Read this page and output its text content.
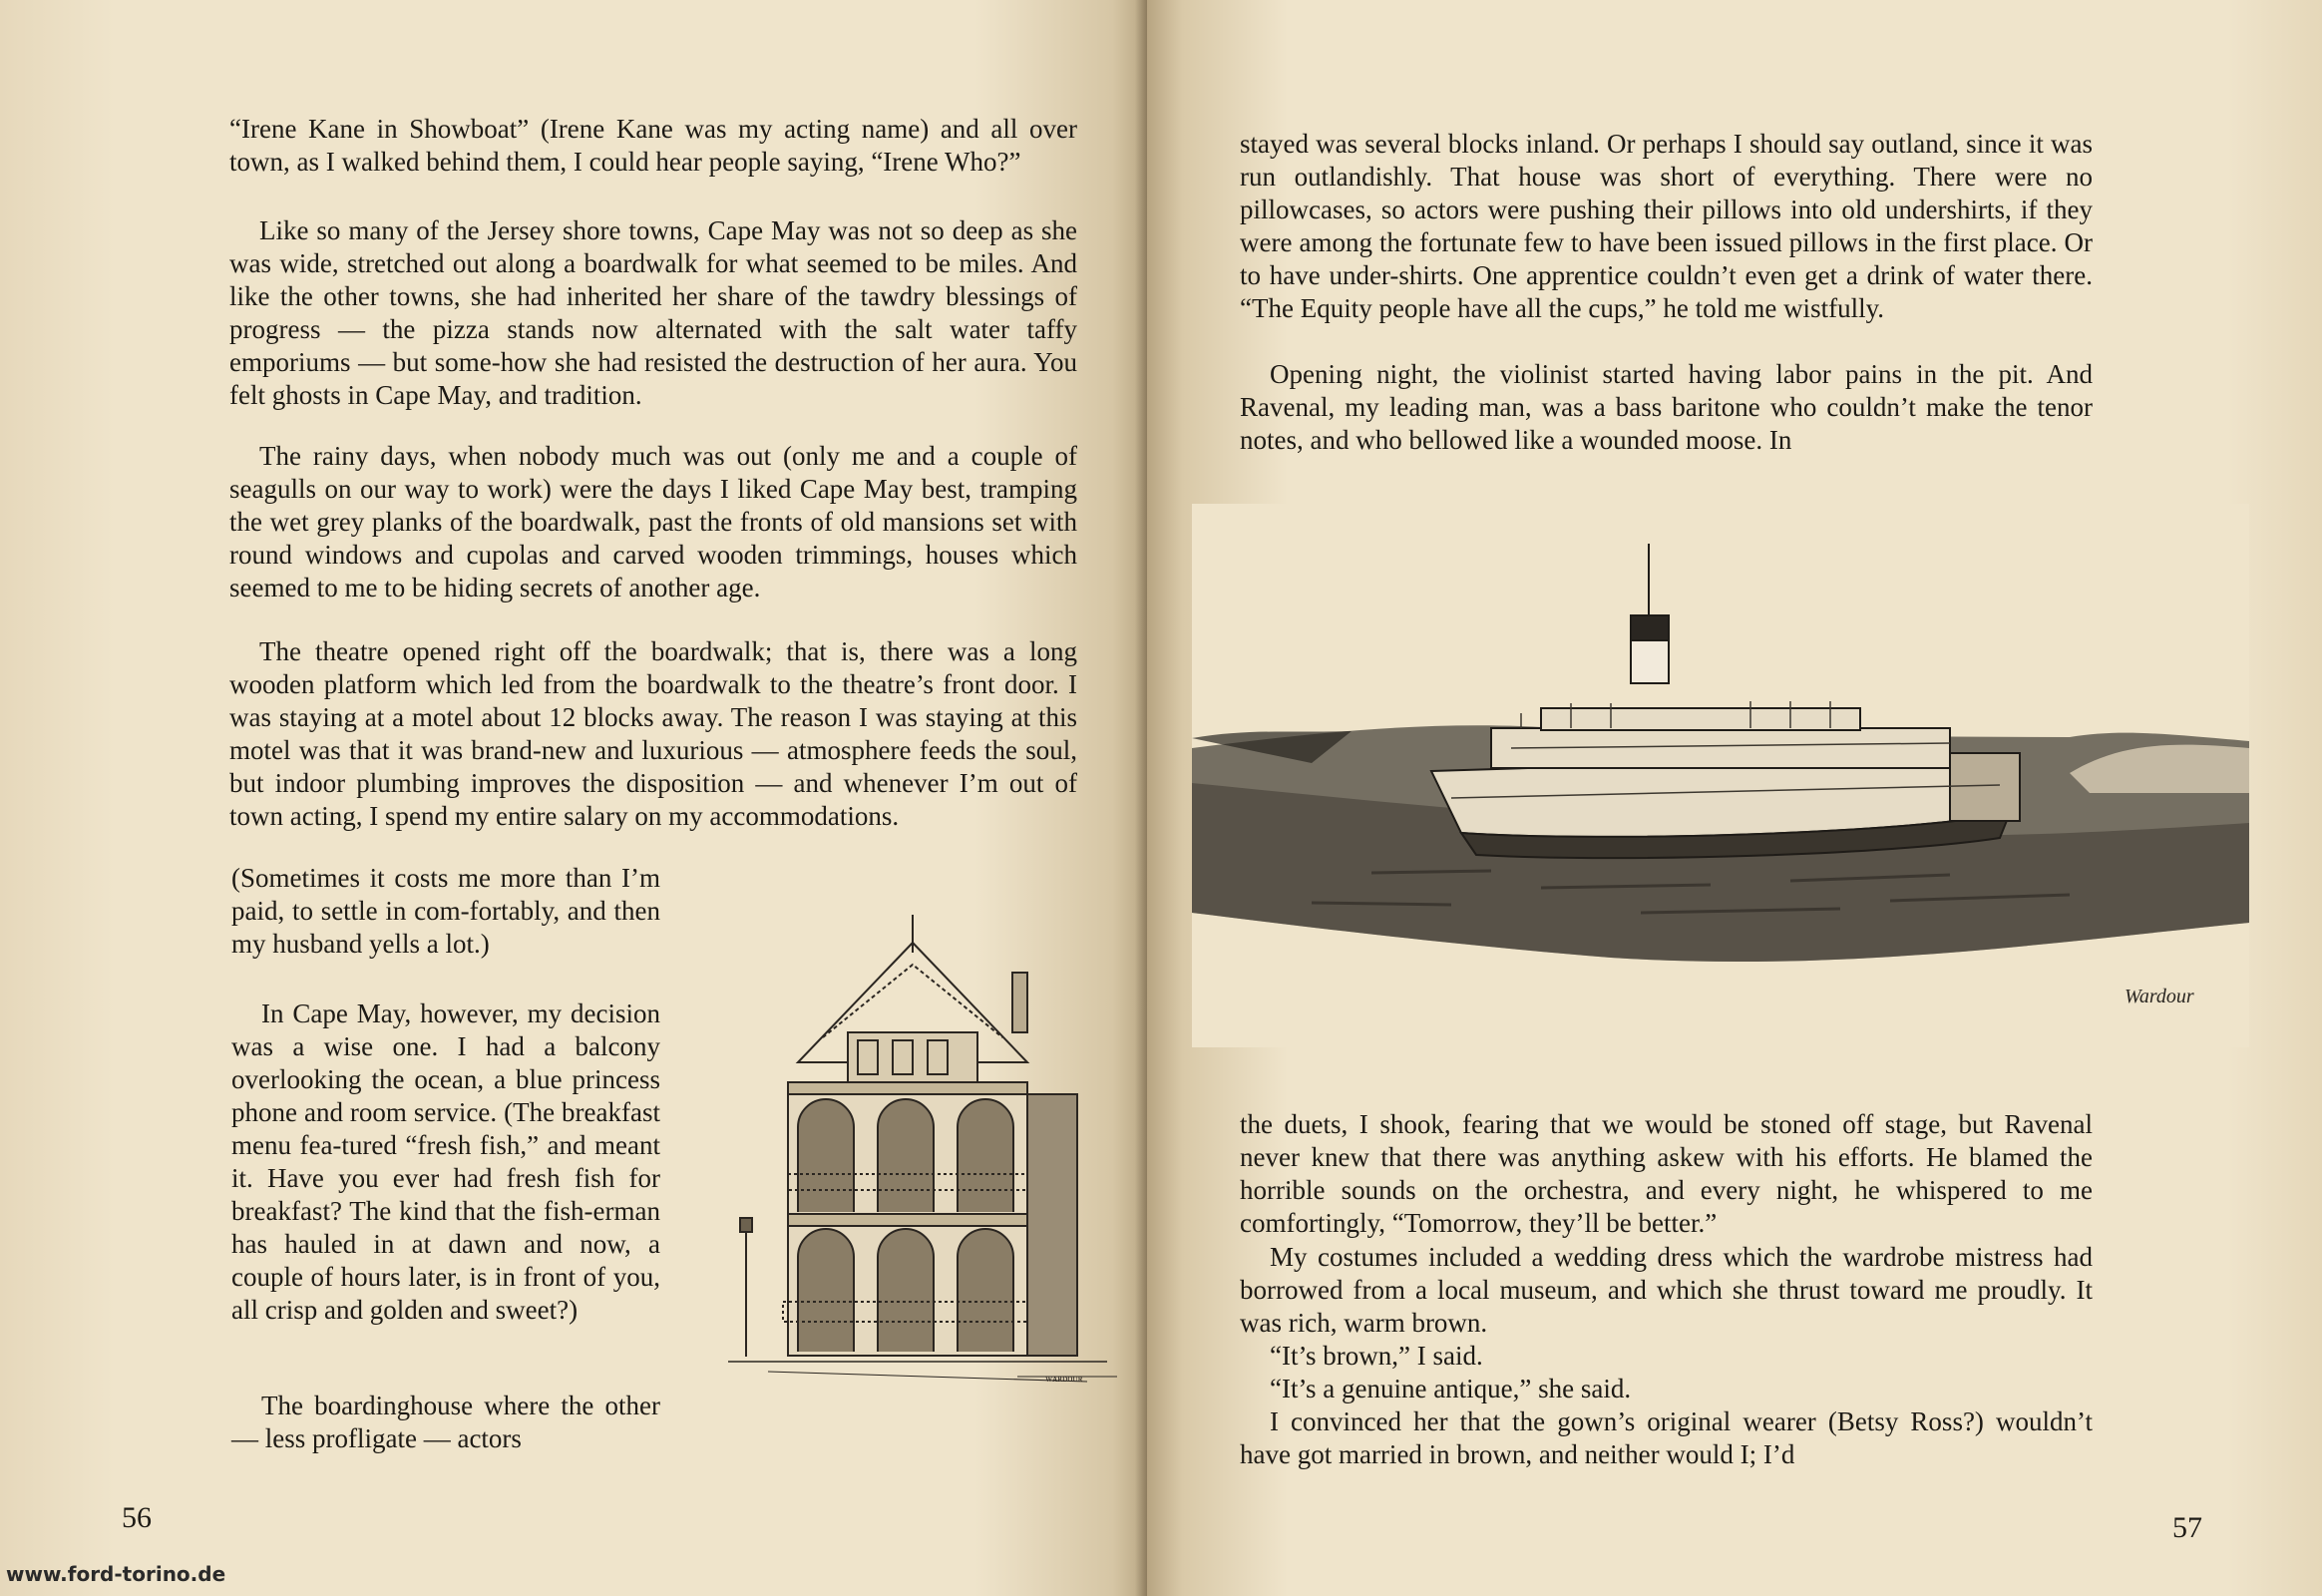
“Irene Kane in Showboat” (Irene Kane was my acting name) and all over town, as I walked behind them, I could hear people saying, “Irene Who?”

Like so many of the Jersey shore towns, Cape May was not so deep as she was wide, stretched out along a boardwalk for what seemed to be miles. And like the other towns, she had inherited her share of the tawdry blessings of progress — the pizza stands now alternated with the salt water taffy emporiums — but some-how she had resisted the destruction of her aura. You felt ghosts in Cape May, and tradition.

The rainy days, when nobody much was out (only me and a couple of seagulls on our way to work) were the days I liked Cape May best, tramping the wet grey planks of the boardwalk, past the fronts of old mansions set with round windows and cupolas and carved wooden trimmings, houses which seemed to me to be hiding secrets of another age.

The theatre opened right off the boardwalk; that is, there was a long wooden platform which led from the boardwalk to the theatre’s front door. I was staying at a motel about 12 blocks away. The reason I was staying at this motel was that it was brand-new and luxurious — atmosphere feeds the soul, but indoor plumbing improves the disposition — and whenever I’m out of town acting, I spend my entire salary on my accommodations.

(Sometimes it costs me more than I’m paid, to settle in com-fortably, and then my husband yells a lot.)

In Cape May, however, my decision was a wise one. I had a balcony overlooking the ocean, a blue princess phone and room service. (The breakfast menu fea-tured “fresh fish,” and meant it. Have you ever had fresh fish for breakfast? The kind that the fish-erman has hauled in at dawn and now, a couple of hours later, is in front of you, all crisp and golden and sweet?)

The boardinghouse where the other — less profligate — actors

ᴡᴀʀᴅᴏᴜʀ
56
www.ford-torino.de

stayed was several blocks inland. Or perhaps I should say outland, since it was run outlandishly. That house was short of everything. There were no pillowcases, so actors were pushing their pillows into old undershirts, if they were among the fortunate few to have been issued pillows in the first place. Or to have under-shirts. One apprentice couldn’t even get a drink of water there. “The Equity people have all the cups,” he told me wistfully.

Opening night, the violinist started having labor pains in the pit. And Ravenal, my leading man, was a bass baritone who couldn’t make the tenor notes, and who bellowed like a wounded moose. In

Wardour

the duets, I shook, fearing that we would be stoned off stage, but Ravenal never knew that there was anything askew with his efforts. He blamed the horrible sounds on the orchestra, and every night, he whispered to me comfortingly, “Tomorrow, they’ll be better.”

My costumes included a wedding dress which the wardrobe mistress had borrowed from a local museum, and which she thrust toward me proudly. It was rich, warm brown.

“It’s brown,” I said.

“It’s a genuine antique,” she said.

I convinced her that the gown’s original wearer (Betsy Ross?) wouldn’t have got married in brown, and neither would I; I’d

57
